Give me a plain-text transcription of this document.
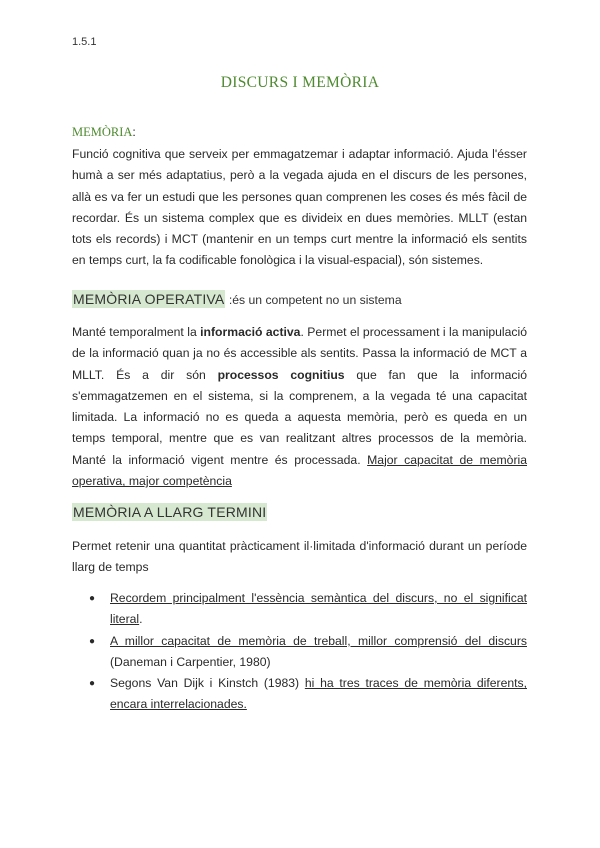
1.5.1
DISCURS I MEMÒRIA
MEMÒRIA:

Funció cognitiva que serveix per emmagatzemar i adaptar informació. Ajuda l'ésser humà a ser més adaptatius, però a la vegada ajuda en el discurs de les persones, allà es va fer un estudi que les persones quan comprenen les coses és més fàcil de recordar. És un sistema complex que es divideix en dues memòries. MLLT (estan tots els records) i MCT (mantenir en un temps curt mentre la informació els sentits en temps curt, la fa codificable fonològica i la visual-espacial), són sistemes.

MEMÒRIA OPERATIVA :és un competent no un sistema

Manté temporalment la informació activa. Permet el processament i la manipulació de la informació quan ja no és accessible als sentits. Passa la informació de MCT a MLLT. És a dir són processos cognitius que fan que la informació s'emmagatzemen en el sistema, si la comprenem, a la vegada té una capacitat limitada. La informació no es queda a aquesta memòria, però es queda en un temps temporal, mentre que es van realitzant altres processos de la memòria. Manté la informació vigent mentre és processada. Major capacitat de memòria operativa, major competència

MEMÒRIA A LLARG TERMINI

Permet retenir una quantitat pràcticament il·limitada d'informació durant un període llarg de temps

● Recordem principalment l'essència semàntica del discurs, no el significat literal.
● A millor capacitat de memòria de treball, millor comprensió del discurs (Daneman i Carpentier, 1980)
● Segons Van Dijk i Kinstch (1983) hi ha tres traces de memòria diferents, encara interrelacionades.
